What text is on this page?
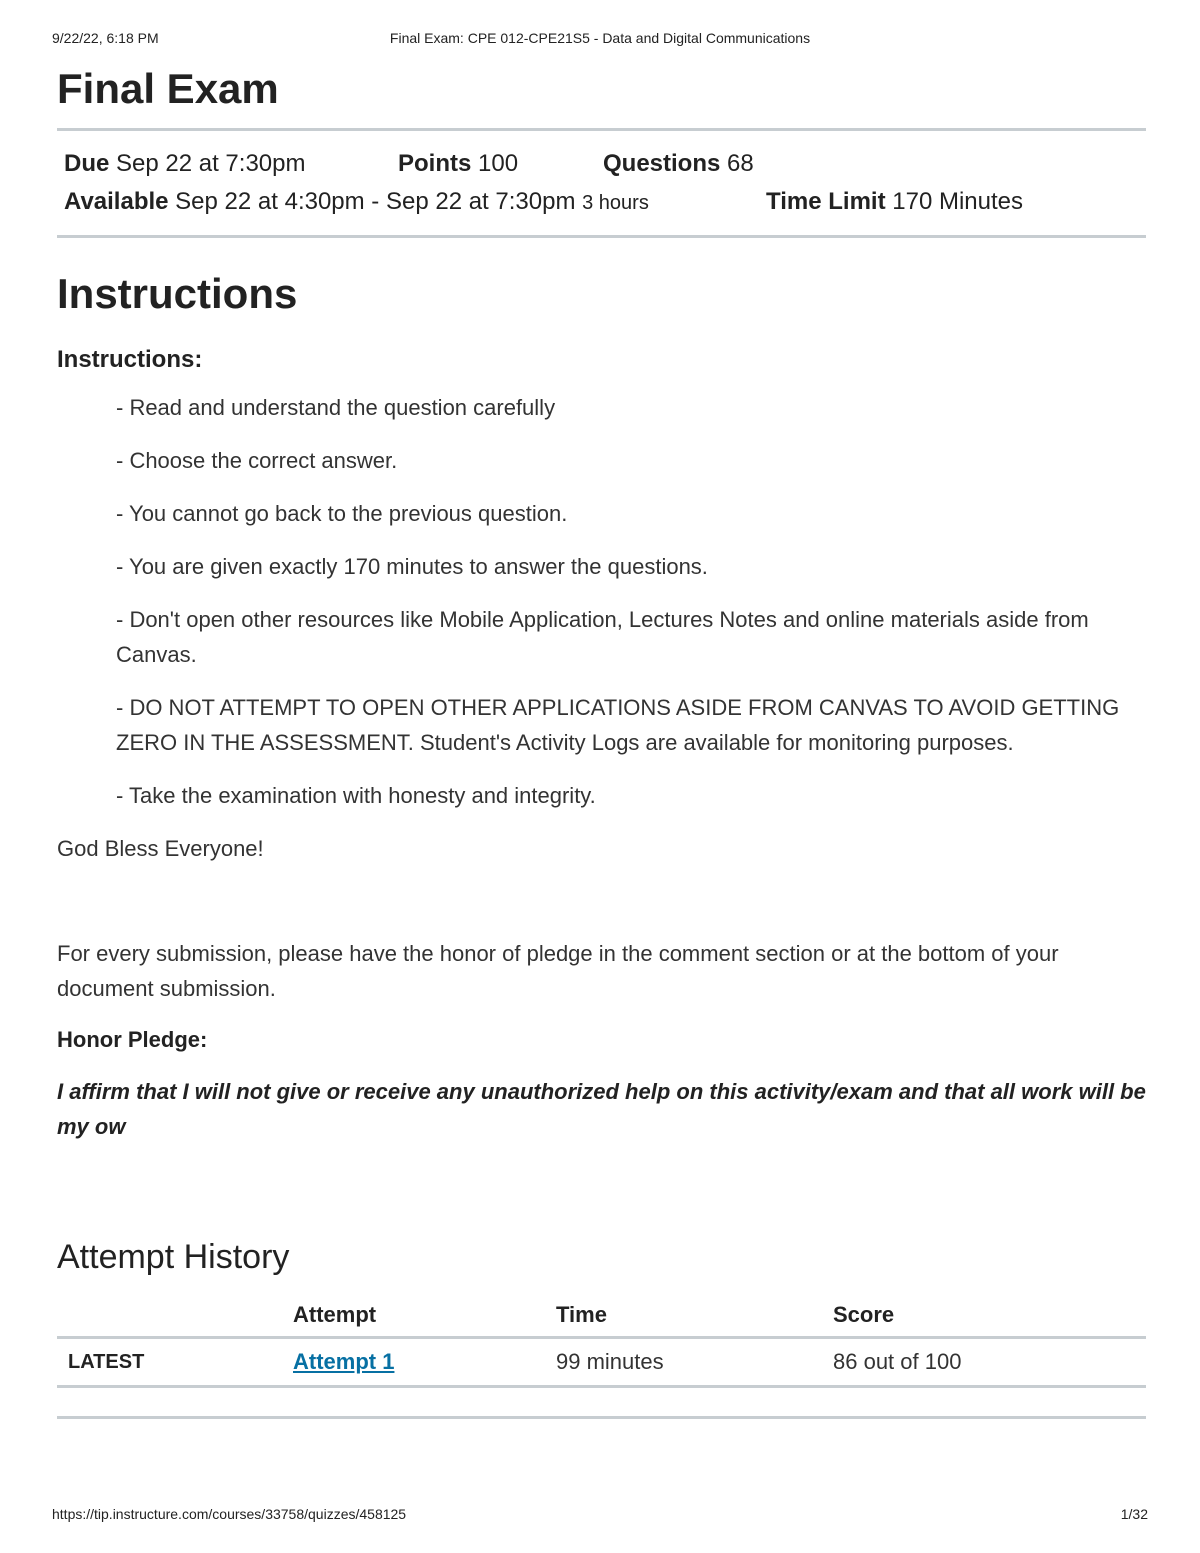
9/22/22, 6:18 PM	Final Exam: CPE 012-CPE21S5 - Data and Digital Communications
Final Exam
Due Sep 22 at 7:30pm	Points 100	Questions 68
Available Sep 22 at 4:30pm - Sep 22 at 7:30pm 3 hours	Time Limit 170 Minutes
Instructions
Instructions:
- Read and understand the question carefully
- Choose the correct answer.
- You cannot go back to the previous question.
- You are given exactly 170 minutes to answer the questions.
- Don't open other resources like Mobile Application, Lectures Notes and online materials aside from Canvas.
- DO NOT ATTEMPT TO OPEN OTHER APPLICATIONS ASIDE FROM CANVAS TO AVOID GETTING ZERO IN THE ASSESSMENT. Student's Activity Logs are available for monitoring purposes.
- Take the examination with honesty and integrity.

God Bless Everyone!

For every submission, please have the honor of pledge in the comment section or at the bottom of your document submission.

Honor Pledge:
I affirm that I will not give or receive any unauthorized help on this activity/exam and that all work will be my ow
Attempt History
	Attempt	Time	Score
LATEST	Attempt 1	99 minutes	86 out of 100
https://tip.instructure.com/courses/33758/quizzes/458125	1/32
